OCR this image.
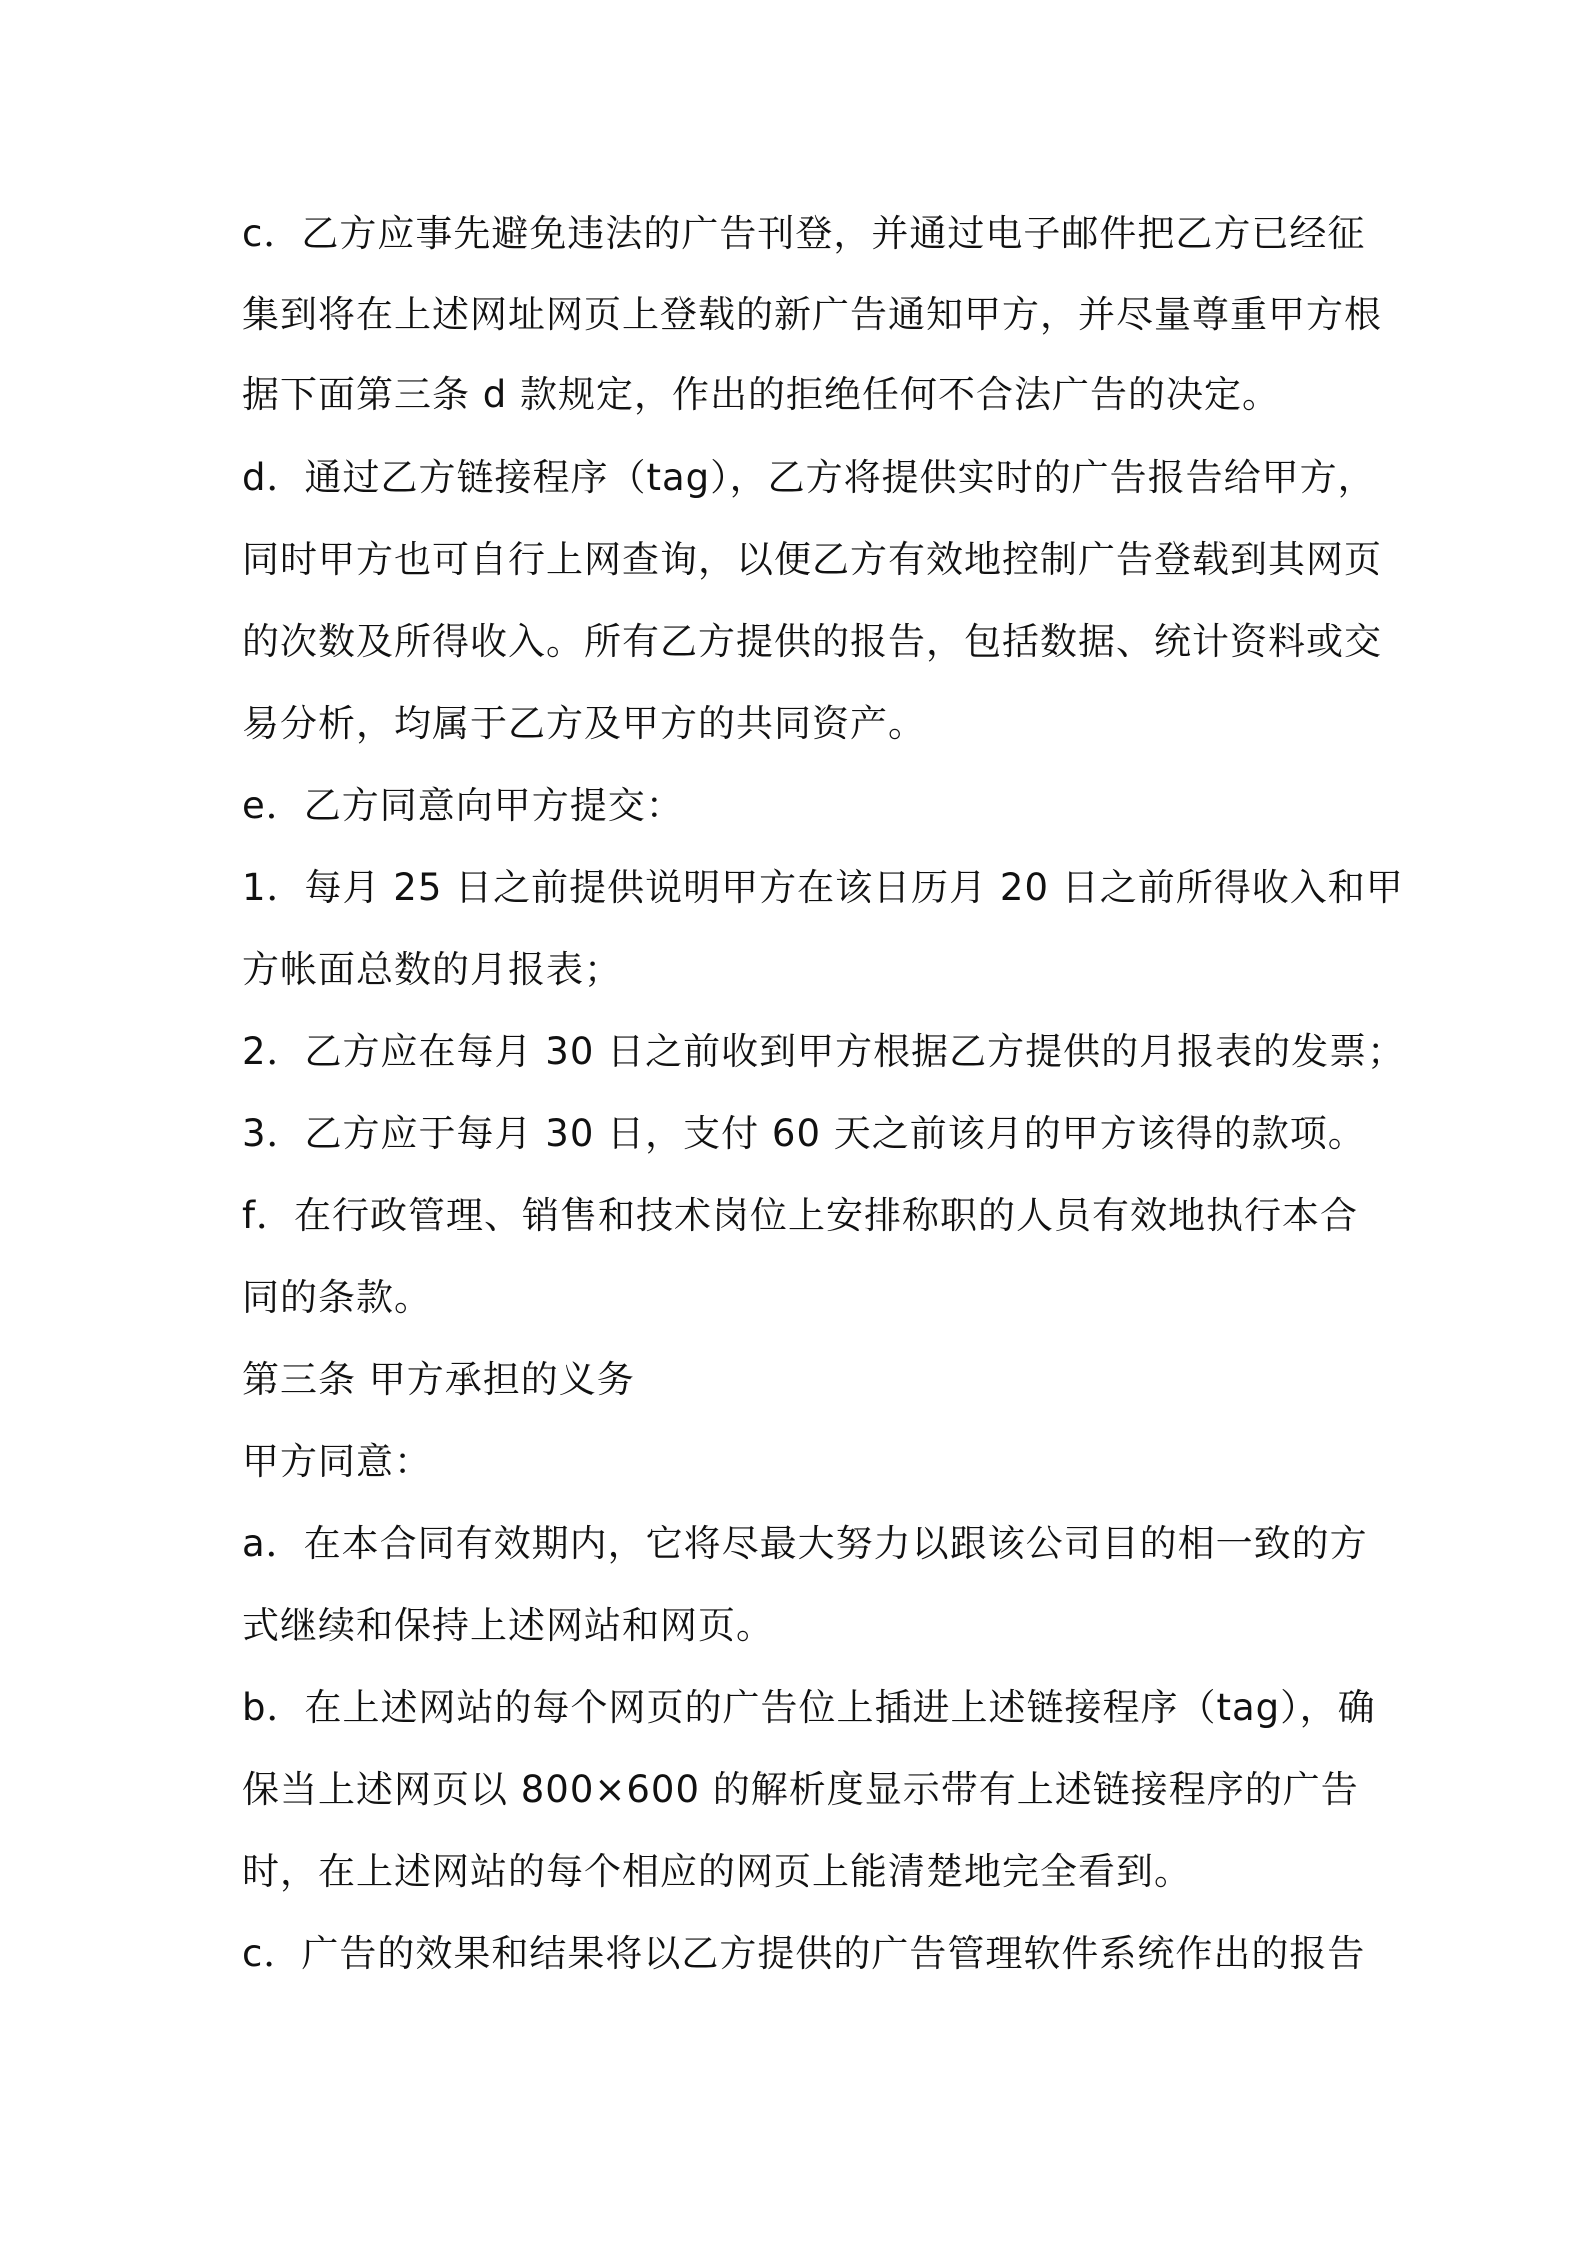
c．乙方应事先避免违法的广告刊登，并通过电子邮件把乙方已经征
集到将在上述网址网页上登载的新广告通知甲方，并尽量尊重甲方根
据下面第三条 d 款规定，作出的拒绝任何不合法广告的决定。
d．通过乙方链接程序（tag），乙方将提供实时的广告报告给甲方，
同时甲方也可自行上网查询，以便乙方有效地控制广告登载到其网页
的次数及所得收入。所有乙方提供的报告，包括数据、统计资料或交
易分析，均属于乙方及甲方的共同资产。
e．乙方同意向甲方提交：
1．每月 25 日之前提供说明甲方在该日历月 20 日之前所得收入和甲
方帐面总数的月报表；
2．乙方应在每月 30 日之前收到甲方根据乙方提供的月报表的发票；
3．乙方应于每月 30 日，支付 60 天之前该月的甲方该得的款项。
f．在行政管理、销售和技术岗位上安排称职的人员有效地执行本合
同的条款。
第三条 甲方承担的义务
甲方同意：
a．在本合同有效期内，它将尽最大努力以跟该公司目的相一致的方
式继续和保持上述网站和网页。
b．在上述网站的每个网页的广告位上插进上述链接程序（tag），确
保当上述网页以 800×600 的解析度显示带有上述链接程序的广告
时，在上述网站的每个相应的网页上能清楚地完全看到。
c．广告的效果和结果将以乙方提供的广告管理软件系统作出的报告
